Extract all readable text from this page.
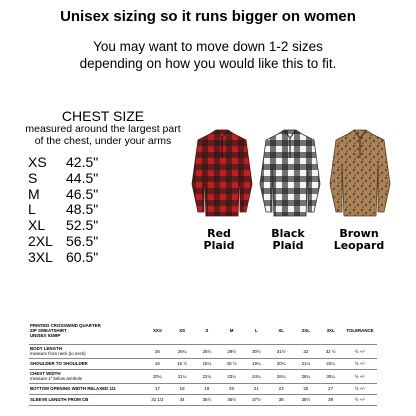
Unisex sizing so it runs bigger on women
You may want to move down 1-2 sizes
depending on how you would like this to fit.
CHEST SIZE
measured around the largest part
of the chest, under your arms
XS	42.5"
S	44.5"
M	46.5"
L	48.5"
XL	52.5"
2XL 56.5"
3XL 60.5"
Red
Plaid
Black
Plaid
Brown
Leopard
PRINTED CROSSWIND QUARTER
ZIP SWEATSHIRT
UNISEX 9359P	XXS	XS	S	M	L	XL	2XL	3XL	TOLERANCE
BODY LENGTH
measure from neck (lo neck)	26	26¼	28½	29½	30½	31½	32	32 ½	½ +/-
SHOULDER TO SHOULDER	16	16 ½	18¼	18 ½	19¼	20¼	21¼	22¼	½ +/-
CHEST WIDTH
measure 1" below armhole	20¼	21¼	22¼	23¼	24¼	26¼	28¼	30¼	½ +/-
BOTTOM OPENING WIDTH RELAXED 1/2	17	18	19	20	21	23	25	27	½ +/-
SLEEVE LENGTH FROM CB	32 1/2	34	35½	36½	37½	38	38½	39	½ +/-
